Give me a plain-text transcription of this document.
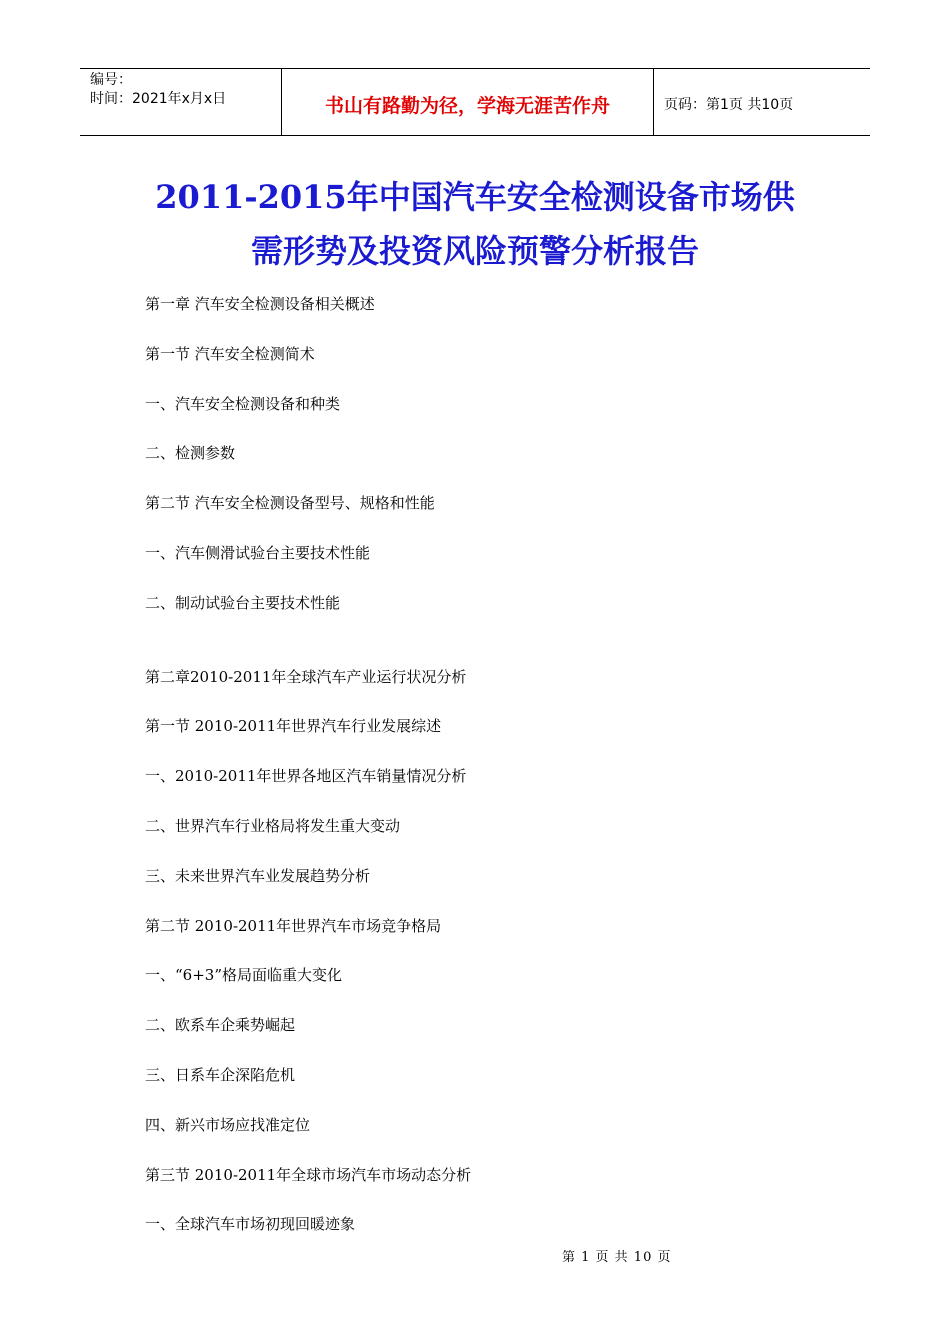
编号：
时间：2021年x月x日	书山有路勤为径，学海无涯苦作舟	页码：第1页 共10页
2011-2015年中国汽车安全检测设备市场供
需形势及投资风险预警分析报告
第一章 汽车安全检测设备相关概述
第一节 汽车安全检测简术
一、汽车安全检测设备和种类
二、检测参数
第二节 汽车安全检测设备型号、规格和性能
一、汽车侧滑试验台主要技术性能
二、制动试验台主要技术性能
第二章2010-2011年全球汽车产业运行状况分析
第一节 2010-2011年世界汽车行业发展综述
一、2010-2011年世界各地区汽车销量情况分析
二、世界汽车行业格局将发生重大变动
三、未来世界汽车业发展趋势分析
第二节 2010-2011年世界汽车市场竞争格局
一、“6+3”格局面临重大变化
二、欧系车企乘势崛起
三、日系车企深陷危机
四、新兴市场应找准定位
第三节 2010-2011年全球市场汽车市场动态分析
一、全球汽车市场初现回暖迹象
第 1 页 共 10 页
